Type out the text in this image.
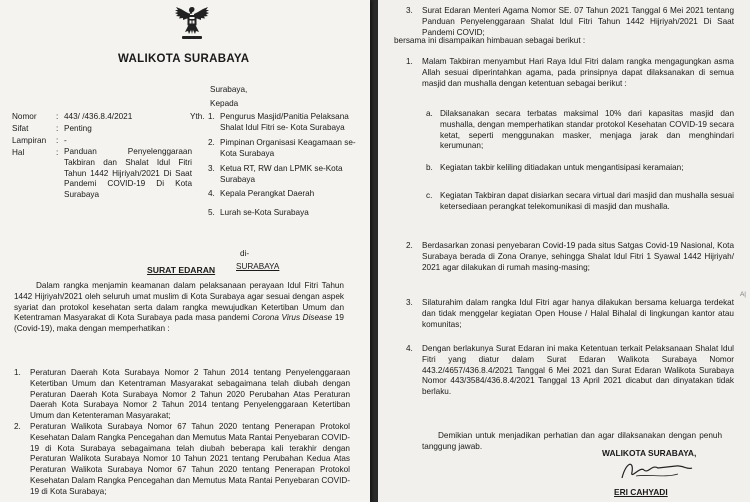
WALIKOTA SURABAYA
Surabaya,
Kepada
Nomor : 443/ /436.8.4/2021
Sifat	: Penting
Lampiran : -
Hal	: Panduan Penyelenggaraan Takbiran dan Shalat Idul Fitri Tahun 1442 Hijriyah/2021 Di Saat Pandemi COVID-19 Di Kota Surabaya
Yth. 1. Pengurus Masjid/Panitia Pelaksana Shalat Idul Fitri se- Kota Surabaya
2. Pimpinan Organisasi Keagamaan se-Kota Surabaya
3. Ketua RT, RW dan LPMK se-Kota Surabaya
4. Kepala Perangkat Daerah
5. Lurah se-Kota Surabaya
di-
SURABAYA
SURAT EDARAN
Dalam rangka menjamin keamanan dalam pelaksanaan perayaan Idul Fitri Tahun 1442 Hijriyah/2021 oleh seluruh umat muslim di Kota Surabaya agar sesuai dengan aspek syariat dan protokol kesehatan serta dalam rangka mewujudkan Ketertiban Umum dan Ketentraman Masyarakat di Kota Surabaya pada masa pandemi Corona Virus Disease 19 (Covid-19), maka dengan memperhatikan :
1. Peraturan Daerah Kota Surabaya Nomor 2 Tahun 2014 tentang Penyelenggaraan Ketertiban Umum dan Ketentraman Masyarakat sebagaimana telah diubah dengan Peraturan Daerah Kota Surabaya Nomor 2 Tahun 2020 Perubahan Atas Peraturan Daerah Kota Surabaya Nomor 2 Tahun 2014 tentang Penyelenggaraan Ketertiban Umum dan Ketenteraman Masyarakat;
2. Peraturan Walikota Surabaya Nomor 67 Tahun 2020 tentang Penerapan Protokol Kesehatan Dalam Rangka Pencegahan dan Memutus Mata Rantai Penyebaran COVID-19 di Kota Surabaya sebagaimana telah diubah beberapa kali terakhir dengan Peraturan Walikota Surabaya Nomor 10 Tahun 2021 tentang Perubahan Kedua Atas Peraturan Walikota Surabaya Nomor 67 Tahun 2020 tentang Penerapan Protokol Kesehatan Dalam Rangka Pencegahan dan Memutus Mata Rantai Penyebaran COVID-19 di Kota Surabaya;
3. Surat Edaran Menteri Agama Nomor SE. 07 Tahun 2021 Tanggal 6 Mei 2021 tentang Panduan Penyelenggaraan Shalat Idul Fitri Tahun 1442 Hijriyah/2021 Di Saat Pandemi COVID;
bersama ini disampaikan himbauan sebagai berikut :
1. Malam Takbiran menyambut Hari Raya Idul Fitri dalam rangka mengagungkan asma Allah sesuai diperintahkan agama, pada prinsipnya dapat dilaksanakan di semua masjid dan mushalla dengan ketentuan sebagai berikut :
a. Dilaksanakan secara terbatas maksimal 10% dari kapasitas masjid dan mushalla, dengan memperhatikan standar protokol Kesehatan COVID-19 secara ketat, seperti menggunakan masker, menjaga jarak dan menghindari kerumunan;
b. Kegiatan takbir keliling ditiadakan untuk mengantisipasi keramaian;
c. Kegiatan Takbiran dapat disiarkan secara virtual dari masjid dan mushalla sesuai ketersediaan perangkat telekomunikasi di masjid dan mushalla.
2. Berdasarkan zonasi penyebaran Covid-19 pada situs Satgas Covid-19 Nasional, Kota Surabaya berada di Zona Oranye, sehingga Shalat Idul Fitri 1 Syawal 1442 Hijriyah/ 2021 agar dilakukan di rumah masing-masing;
3. Silaturahim dalam rangka Idul Fitri agar hanya dilakukan bersama keluarga terdekat dan tidak menggelar kegiatan Open House / Halal Bihalal di lingkungan kantor atau komunitas;
4. Dengan berlakunya Surat Edaran ini maka Ketentuan terkait Pelaksanaan Shalat Idul Fitri yang diatur dalam Surat Edaran Walikota Surabaya Nomor 443.2/4657/436.8.4/2021 Tanggal 6 Mei 2021 dan Surat Edaran Walikota Surabaya Nomor 443/3584/436.8.4/2021 Tanggal 13 April 2021 dicabut dan dinyatakan tidak berlaku.
Demikian untuk menjadikan perhatian dan agar dilaksanakan dengan penuh tanggung jawab.
WALIKOTA SURABAYA,
ERI CAHYADI
A|
